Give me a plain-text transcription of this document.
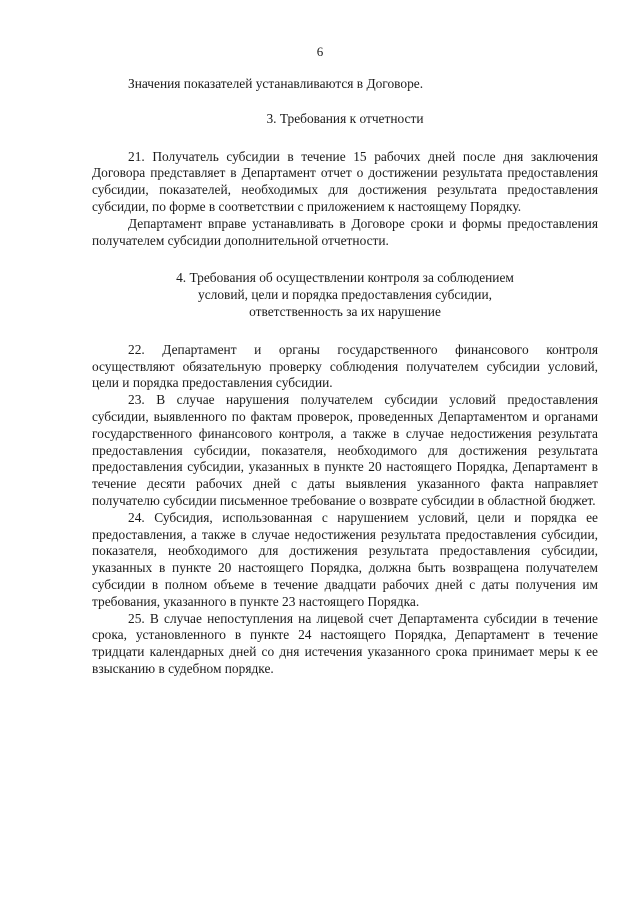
6

Значения показателей устанавливаются в Договоре.

3. Требования к отчетности

21. Получатель субсидии в течение 15 рабочих дней после дня заключения Договора представляет в Департамент отчет о достижении результата предоставления субсидии, показателей, необходимых для достижения результата предоставления субсидии, по форме в соответствии с приложением к настоящему Порядку.

Департамент вправе устанавливать в Договоре сроки и формы предоставления получателем субсидии дополнительной отчетности.

4. Требования об осуществлении контроля за соблюдением
условий, цели и порядка предоставления субсидии,
ответственность за их нарушение

22. Департамент и органы государственного финансового контроля осуществляют обязательную проверку соблюдения получателем субсидии условий, цели и порядка предоставления субсидии.

23. В случае нарушения получателем субсидии условий предоставления субсидии, выявленного по фактам проверок, проведенных Департаментом и органами государственного финансового контроля, а также в случае недостижения результата предоставления субсидии, показателя, необходимого для достижения результата предоставления субсидии, указанных в пункте 20 настоящего Порядка, Департамент в течение десяти рабочих дней с даты выявления указанного факта направляет получателю субсидии письменное требование о возврате субсидии в областной бюджет.

24. Субсидия, использованная с нарушением условий, цели и порядка ее предоставления, а также в случае недостижения результата предоставления субсидии, показателя, необходимого для достижения результата предоставления субсидии, указанных в пункте 20 настоящего Порядка, должна быть возвращена получателем субсидии в полном объеме в течение двадцати рабочих дней с даты получения им требования, указанного в пункте 23 настоящего Порядка.

25. В случае непоступления на лицевой счет Департамента субсидии в течение срока, установленного в пункте 24 настоящего Порядка, Департамент в течение тридцати календарных дней со дня истечения указанного срока принимает меры к ее взысканию в судебном порядке.
